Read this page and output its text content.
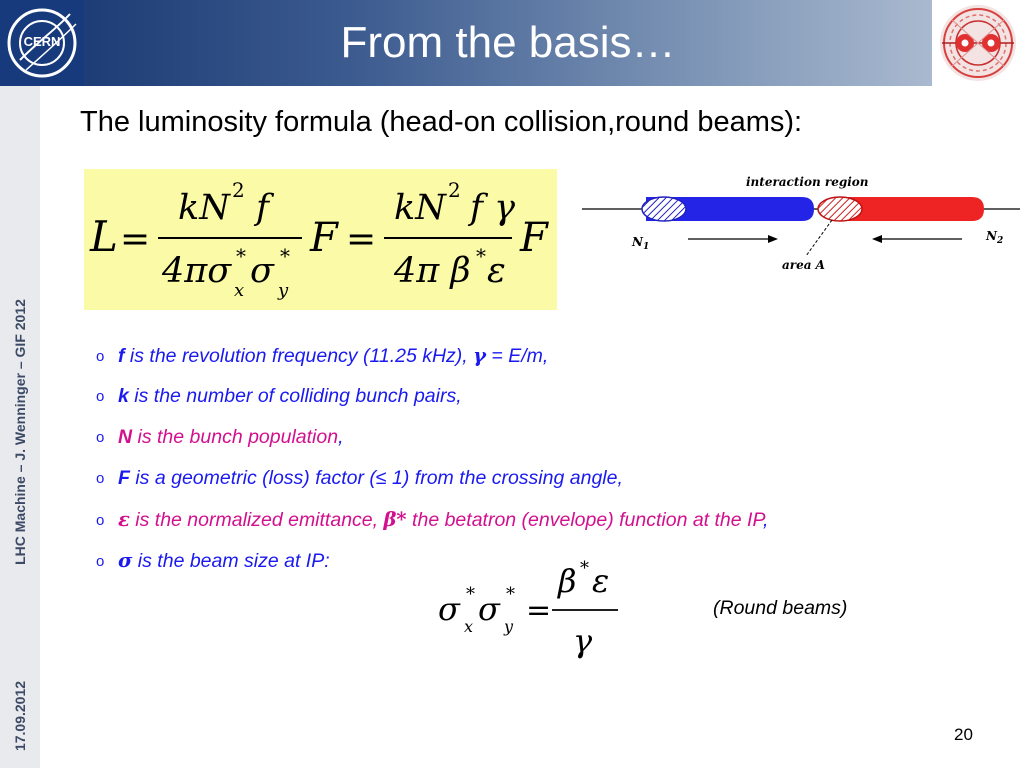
CERN	From the basis…
17.09.2012
LHC Machine – J. Wenninger – GIF 2012
The luminosity formula (head-on collision,round beams):
L =
kN 2 f
4πσ *
x σ *
y
F =
kN 2 f γ
4π β * ε
F
interaction region
$N_1$
$N_2$
area A
o f is the revolution frequency (11.25 kHz), γ = E/m,
o k is the number of colliding bunch pairs,
o N is the bunch population,
o F is a geometric (loss) factor (≤ 1) from the crossing angle,
o ε is the normalized emittance, β* the betatron (envelope) function at the IP,
o σ is the beam size at IP:
σ *
x σ *
y =
β * ε
γ
(Round beams)
20
